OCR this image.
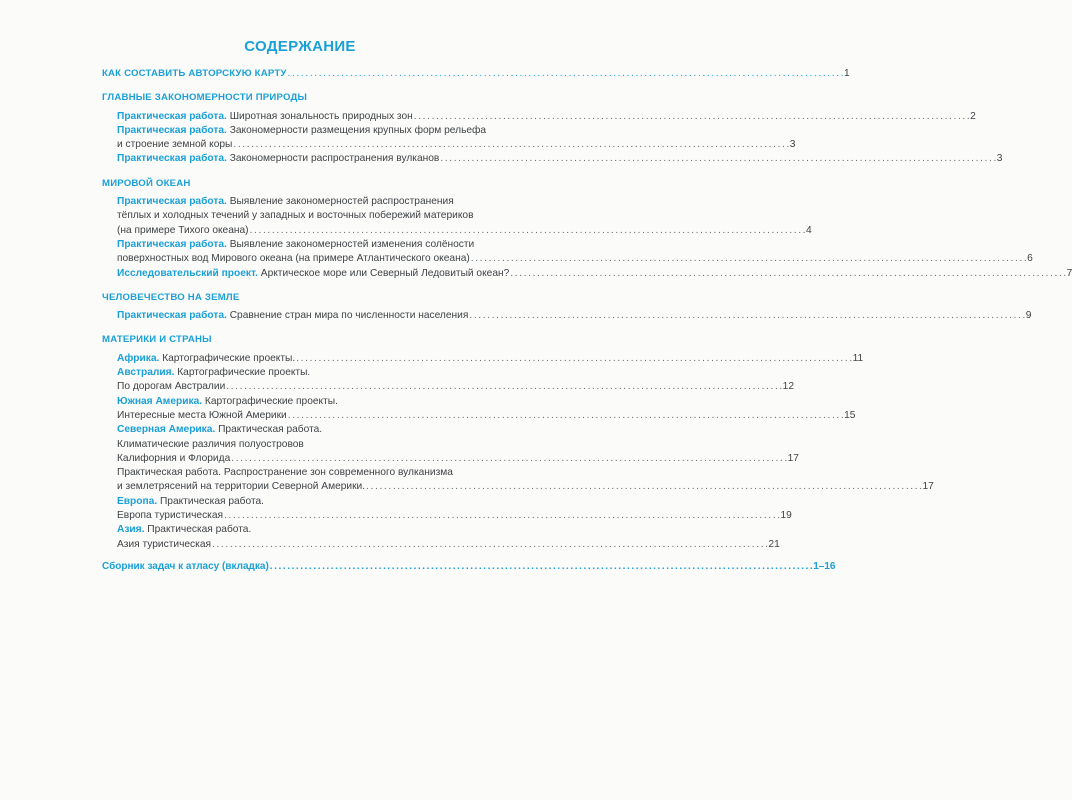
СОДЕРЖАНИЕ
КАК СОСТАВИТЬ АВТОРСКУЮ КАРТУ . . .	1
ГЛАВНЫЕ ЗАКОНОМЕРНОСТИ ПРИРОДЫ
Практическая работа. Широтная зональность природных зон . . .	2
Практическая работа. Закономерности размещения крупных форм рельефа
и строение земной коры . . .	3
Практическая работа. Закономерности распространения вулканов . . .	3
МИРОВОЙ ОКЕАН
Практическая работа. Выявление закономерностей распространения
тёплых и холодных течений у западных и восточных побережий материков
(на примере Тихого океана) . . .	4
Практическая работа. Выявление закономерностей изменения солёности
поверхностных вод Мирового океана (на примере Атлантического океана) . . .	6
Исследовательский проект. Арктическое море или Северный Ледовитый океан? . . .	7
ЧЕЛОВЕЧЕСТВО НА ЗЕМЛЕ
Практическая работа. Сравнение стран мира по численности населения . . .	9
МАТЕРИКИ И СТРАНЫ
Африка. Картографические проекты. . . .	11
Австралия. Картографические проекты.
По дорогам Австралии . . .	12
Южная Америка. Картографические проекты.
Интересные места Южной Америки . . .	15
Северная Америка. Практическая работа.
Климатические различия полуостровов
Калифорния и Флорида . . .	17
Практическая работа. Распространение зон современного вулканизма
и землетрясений на территории Северной Америки. . . .	17
Европа. Практическая работа.
Европа туристическая . . .	19
Азия. Практическая работа.
Азия туристическая . . .	21
Сборник задач к атласу (вкладка) . . .	1–16
